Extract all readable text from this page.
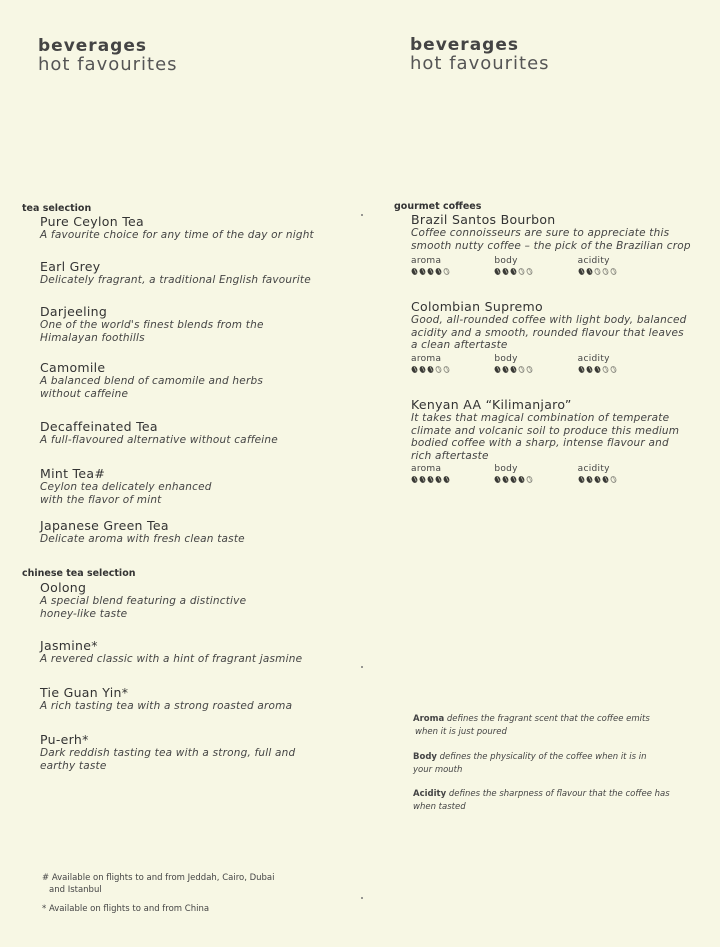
beverages
hot favourites
beverages
hot favourites
tea selection
Pure Ceylon Tea
A favourite choice for any time of the day or night
Earl Grey
Delicately fragrant, a traditional English favourite
Darjeeling
One of the world's finest blends from the
Himalayan foothills
Camomile
A balanced blend of camomile and herbs
without caffeine
Decaffeinated Tea
A full-flavoured alternative without caffeine
Mint Tea#
Ceylon tea delicately enhanced
with the flavor of mint
Japanese Green Tea
Delicate aroma with fresh clean taste
chinese tea selection
Oolong
A special blend featuring a distinctive
honey-like taste
Jasmine*
A revered classic with a hint of fragrant jasmine
Tie Guan Yin*
A rich tasting tea with a strong roasted aroma
Pu-erh*
Dark reddish tasting tea with a strong, full and
earthy taste
# Available on flights to and from Jeddah, Cairo, Dubai
and Istanbul
* Available on flights to and from China
gourmet coffees
Brazil Santos Bourbon
Coffee connoisseurs are sure to appreciate this
smooth nutty coffee – the pick of the Brazilian crop
aroma	body	acidity
Colombian Supremo
Good, all-rounded coffee with light body, balanced
acidity and a smooth, rounded flavour that leaves
a clean aftertaste
aroma	body	acidity
Kenyan AA “Kilimanjaro”
It takes that magical combination of temperate
climate and volcanic soil to produce this medium
bodied coffee with a sharp, intense flavour and
rich aftertaste
aroma	body	acidity
Aroma defines the fragrant scent that the coffee emits
when it is just poured
Body defines the physicality of the coffee when it is in
your mouth
Acidity defines the sharpness of flavour that the coffee has
when tasted
